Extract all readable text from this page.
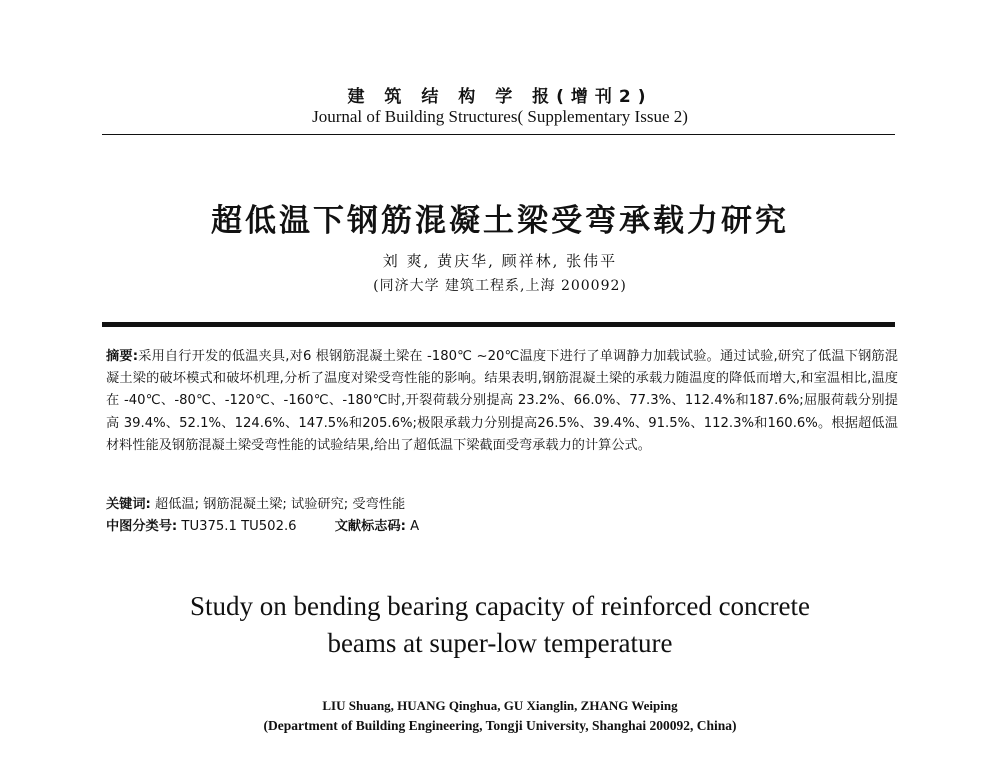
建 筑 结 构 学 报(增刊2)
Journal of Building Structures( Supplementary Issue 2)
超低温下钢筋混凝土梁受弯承载力研究
刘 爽, 黄庆华, 顾祥林, 张伟平
(同济大学 建筑工程系,上海 200092)
摘要:采用自行开发的低温夹具,对6 根钢筋混凝土梁在 -180℃ ~20℃温度下进行了单调静力加载试验。通过试验,研究了低温下钢筋混凝土梁的破坏模式和破坏机理,分析了温度对梁受弯性能的影响。结果表明,钢筋混凝土梁的承载力随温度的降低而增大,和室温相比,温度在 -40℃、-80℃、-120℃、-160℃、-180℃时,开裂荷载分别提高 23.2%、66.0%、77.3%、112.4%和187.6%;屈服荷载分别提高 39.4%、52.1%、124.6%、147.5%和205.6%;极限承载力分别提高26.5%、39.4%、91.5%、112.3%和160.6%。根据超低温材料性能及钢筋混凝土梁受弯性能的试验结果,给出了超低温下梁截面受弯承载力的计算公式。
关键词: 超低温; 钢筋混凝土梁; 试验研究; 受弯性能
中图分类号: TU375.1 TU502.6	文献标志码: A
Study on bending bearing capacity of reinforced concrete
beams at super-low temperature
LIU Shuang, HUANG Qinghua, GU Xianglin, ZHANG Weiping
(Department of Building Engineering, Tongji University, Shanghai 200092, China)
